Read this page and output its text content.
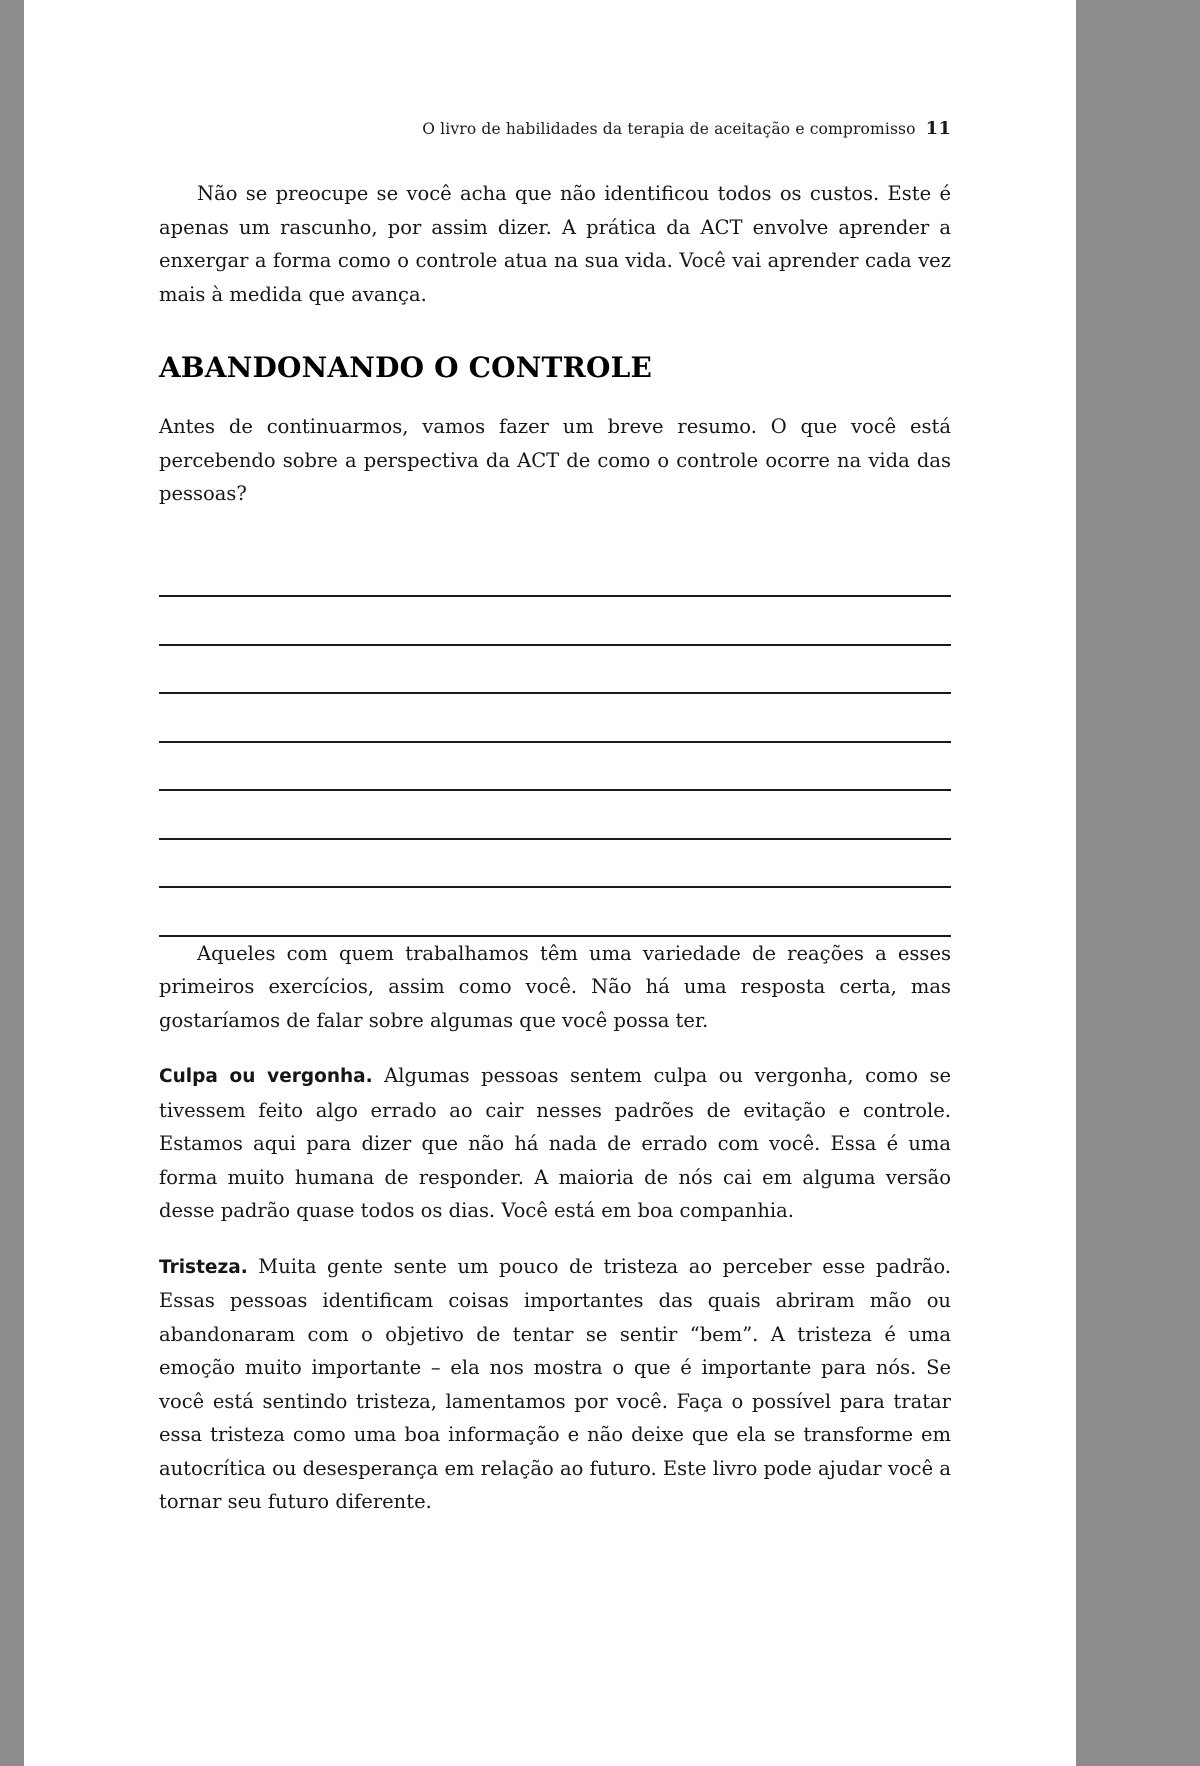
O livro de habilidades da terapia de aceitação e compromisso 11

Não se preocupe se você acha que não identificou todos os custos. Este é apenas um rascunho, por assim dizer. A prática da ACT envolve aprender a enxergar a forma como o controle atua na sua vida. Você vai aprender cada vez mais à medida que avança.

ABANDONANDO O CONTROLE

Antes de continuarmos, vamos fazer um breve resumo. O que você está percebendo sobre a perspectiva da ACT de como o controle ocorre na vida das pessoas?

Aqueles com quem trabalhamos têm uma variedade de reações a esses primeiros exercícios, assim como você. Não há uma resposta certa, mas gostaríamos de falar sobre algumas que você possa ter.

Culpa ou vergonha. Algumas pessoas sentem culpa ou vergonha, como se tivessem feito algo errado ao cair nesses padrões de evitação e controle. Estamos aqui para dizer que não há nada de errado com você. Essa é uma forma muito humana de responder. A maioria de nós cai em alguma versão desse padrão quase todos os dias. Você está em boa companhia.

Tristeza. Muita gente sente um pouco de tristeza ao perceber esse padrão. Essas pessoas identificam coisas importantes das quais abriram mão ou abandonaram com o objetivo de tentar se sentir “bem”. A tristeza é uma emoção muito importante – ela nos mostra o que é importante para nós. Se você está sentindo tristeza, lamentamos por você. Faça o possível para tratar essa tristeza como uma boa informação e não deixe que ela se transforme em autocrítica ou desesperança em relação ao futuro. Este livro pode ajudar você a tornar seu futuro diferente.
